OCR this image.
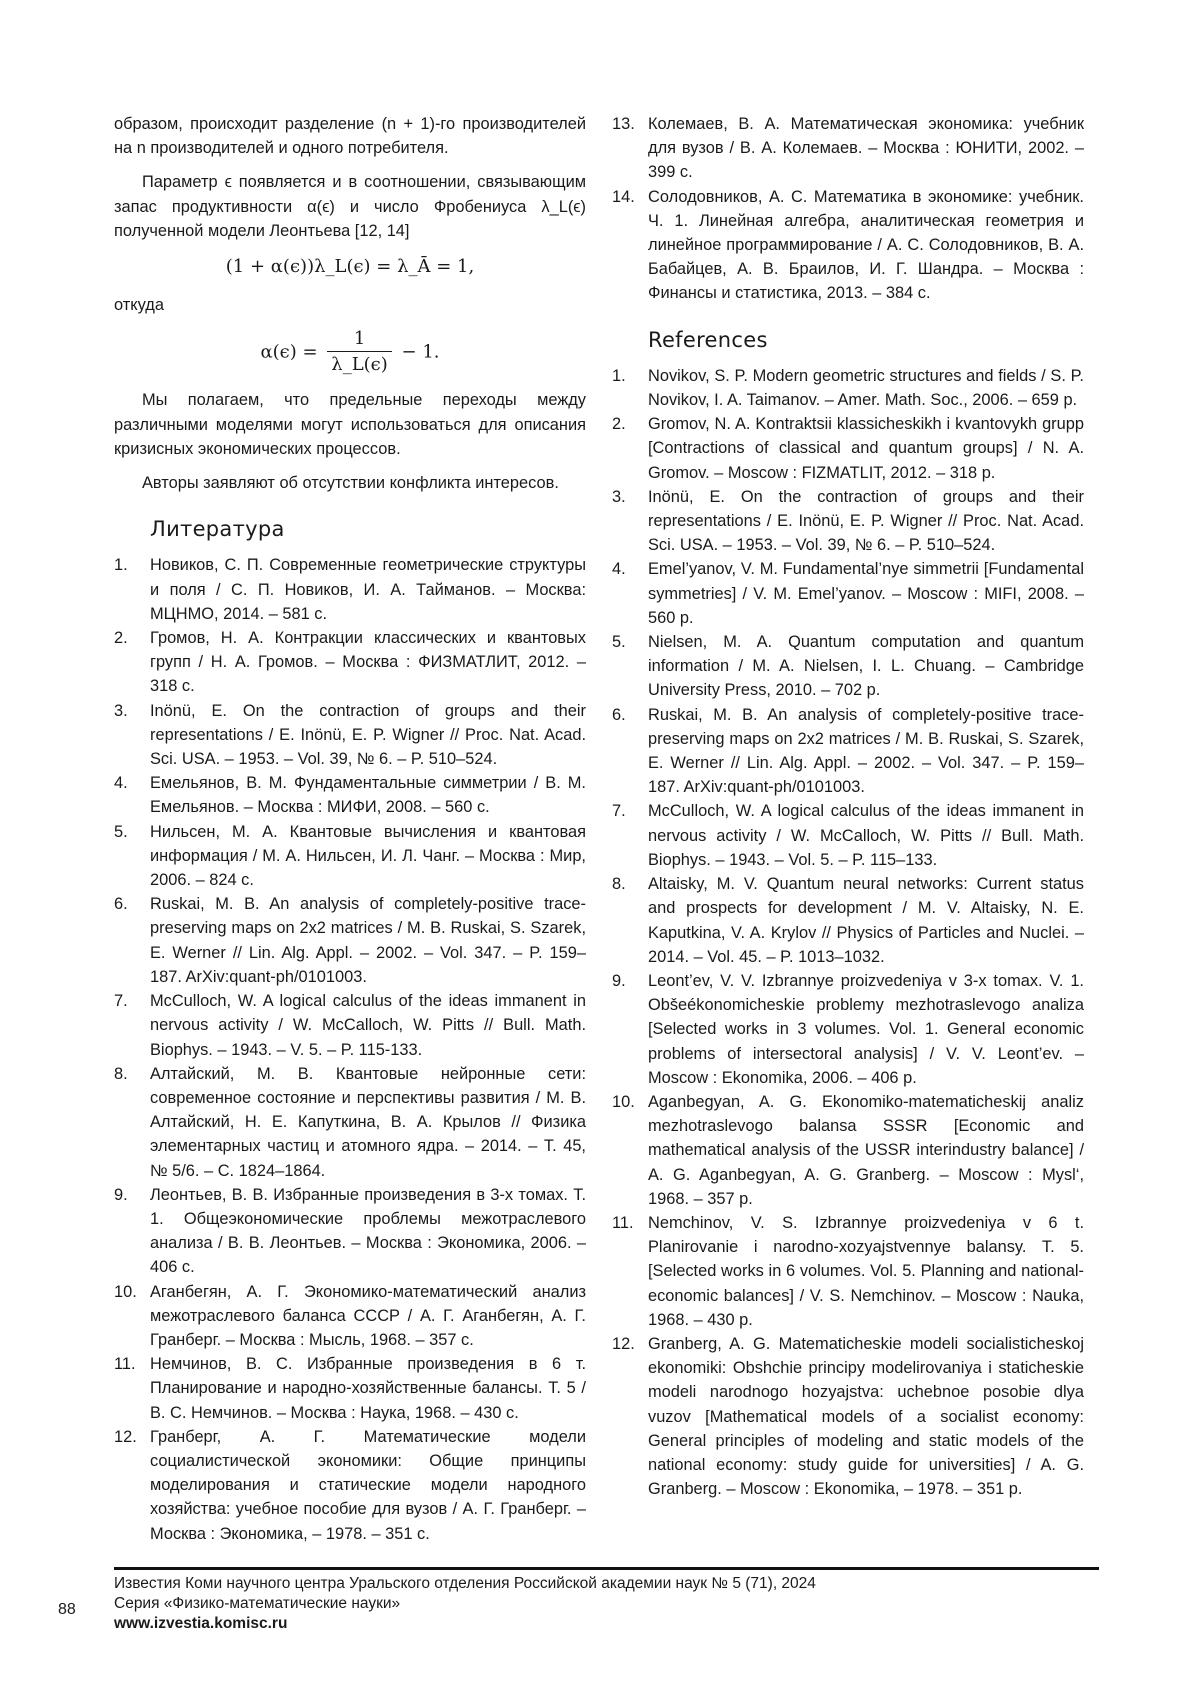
образом, происходит разделение (n + 1)-го производителей на n производителей и одного потребителя.

Параметр ϵ появляется и в соотношении, связывающим запас продуктивности α(ϵ) и число Фробениуса λ_L(ϵ) полученной модели Леонтьева [12, 14]

(1 + α(ϵ))λ_L(ϵ) = λ_Ā = 1,

откуда

$\alpha(\epsilon) = \frac{1}{\lambda\_L(\epsilon)} - 1$.

Мы полагаем, что предельные переходы между различными моделями могут использоваться для описания кризисных экономических процессов.

Авторы заявляют об отсутствии конфликта интересов.

Литература
1. Новиков, С. П. Современные геометрические структуры и поля / С. П. Новиков, И. А. Тайманов. – Москва: МЦНМО, 2014. – 581 с.
2. Громов, Н. А. Контракции классических и квантовых групп / Н. А. Громов. – Москва : ФИЗМАТЛИТ, 2012. – 318 с.
3. Inönü, E. On the contraction of groups and their representations / E. Inönü, E. P. Wigner // Proc. Nat. Acad. Sci. USA. – 1953. – Vol. 39, № 6. – P. 510–524.
4. Емельянов, В. М. Фундаментальные симметрии / В. М. Емельянов. – Москва : МИФИ, 2008. – 560 с.
5. Нильсен, М. А. Квантовые вычисления и квантовая информация / М. А. Нильсен, И. Л. Чанг. – Москва : Мир, 2006. – 824 с.
6. Ruskai, M. B. An analysis of completely-positive trace-preserving maps on 2x2 matrices / M. B. Ruskai, S. Szarek, E. Werner // Lin. Alg. Appl. – 2002. – Vol. 347. – P. 159–187. ArXiv:quant-ph/0101003.
7. McCulloch, W. A logical calculus of the ideas immanent in nervous activity / W. McCalloch, W. Pitts // Bull. Math. Biophys. – 1943. – V. 5. – P. 115-133.
8. Алтайский, М. В. Квантовые нейронные сети: современное состояние и перспективы развития / М. В. Алтайский, Н. Е. Капуткина, В. А. Крылов // Физика элементарных частиц и атомного ядра. – 2014. – Т. 45, № 5/6. – С. 1824–1864.
9. Леонтьев, В. В. Избранные произведения в 3-х томах. Т. 1. Общеэкономические проблемы межотраслевого анализа / В. В. Леонтьев. – Москва : Экономика, 2006. – 406 с.
10. Аганбегян, А. Г. Экономико-математический анализ межотраслевого баланса СССР / А. Г. Аганбегян, А. Г. Гранберг. – Москва : Мысль, 1968. – 357 с.
11. Немчинов, В. С. Избранные произведения в 6 т. Планирование и народно-хозяйственные балансы. Т. 5 / В. С. Немчинов. – Москва : Наука, 1968. – 430 с.
12. Гранберг, А. Г. Математические модели социалистической экономики: Общие принципы моделирования и статические модели народного хозяйства: учебное пособие для вузов / А. Г. Гранберг. – Москва : Экономика, – 1978. – 351 с.
13. Колемаев, В. А. Математическая экономика: учебник для вузов / В. А. Колемаев. – Москва : ЮНИТИ, 2002. – 399 с.
14. Солодовников, А. С. Математика в экономике: учебник. Ч. 1. Линейная алгебра, аналитическая геометрия и линейное программирование / А. С. Солодовников, В. А. Бабайцев, А. В. Браилов, И. Г. Шандра. – Москва : Финансы и статистика, 2013. – 384 с.
References
1. Novikov, S. P. Modern geometric structures and fields / S. P. Novikov, I. A. Taimanov. – Amer. Math. Soc., 2006. – 659 p.
2. Gromov, N. A. Kontraktsii klassicheskikh i kvantovykh grupp [Contractions of classical and quantum groups] / N. A. Gromov. – Moscow : FIZMATLIT, 2012. – 318 p.
3. Inönü, E. On the contraction of groups and their representations / E. Inönü, E. P. Wigner // Proc. Nat. Acad. Sci. USA. – 1953. – Vol. 39, № 6. – P. 510–524.
4. Emel’yanov, V. M. Fundamental’nye simmetrii [Fundamental symmetries] / V. M. Emel’yanov. – Moscow : MIFI, 2008. – 560 p.
5. Nielsen, M. A. Quantum computation and quantum information / M. A. Nielsen, I. L. Chuang. – Cambridge University Press, 2010. – 702 p.
6. Ruskai, M. B. An analysis of completely-positive trace-preserving maps on 2x2 matrices / M. B. Ruskai, S. Szarek, E. Werner // Lin. Alg. Appl. – 2002. – Vol. 347. – P. 159–187. ArXiv:quant-ph/0101003.
7. McCulloch, W. A logical calculus of the ideas immanent in nervous activity / W. McCalloch, W. Pitts // Bull. Math. Biophys. – 1943. – Vol. 5. – P. 115–133.
8. Altaisky, M. V. Quantum neural networks: Current status and prospects for development / M. V. Altaisky, N. E. Kaputkina, V. A. Krylov // Physics of Particles and Nuclei. – 2014. – Vol. 45. – P. 1013–1032.
9. Leont’ev, V. V. Izbrannye proizvedeniya v 3-x tomax. V. 1. Obšeékonomicheskie problemy mezhotraslevogo analiza [Selected works in 3 volumes. Vol. 1. General economic problems of intersectoral analysis] / V. V. Leont’ev. – Moscow : Ekonomika, 2006. – 406 p.
10. Aganbegyan, A. G. Ekonomiko-matematicheskij analiz mezhotraslevogo balansa SSSR [Economic and mathematical analysis of the USSR interindustry balance] / A. G. Aganbegyan, A. G. Granberg. – Moscow : Mysl‘, 1968. – 357 p.
11. Nemchinov, V. S. Izbrannye proizvedeniya v 6 t. Planirovanie i narodno-xozyajstvennye balansy. T. 5. [Selected works in 6 volumes. Vol. 5. Planning and national-economic balances] / V. S. Nemchinov. – Moscow : Nauka, 1968. – 430 p.
12. Granberg, A. G. Matematicheskie modeli socialisticheskoj ekonomiki: Obshchie principy modelirovaniya i staticheskie modeli narodnogo hozyajstva: uchebnoe posobie dlya vuzov [Mathematical models of a socialist economy: General principles of modeling and static models of the national economy: study guide for universities] / A. G. Granberg. – Moscow : Ekonomika, – 1978. – 351 p.
88
Известия Коми научного центра Уральского отделения Российской академии наук № 5 (71), 2024
Серия «Физико-математические науки»
www.izvestia.komisc.ru
